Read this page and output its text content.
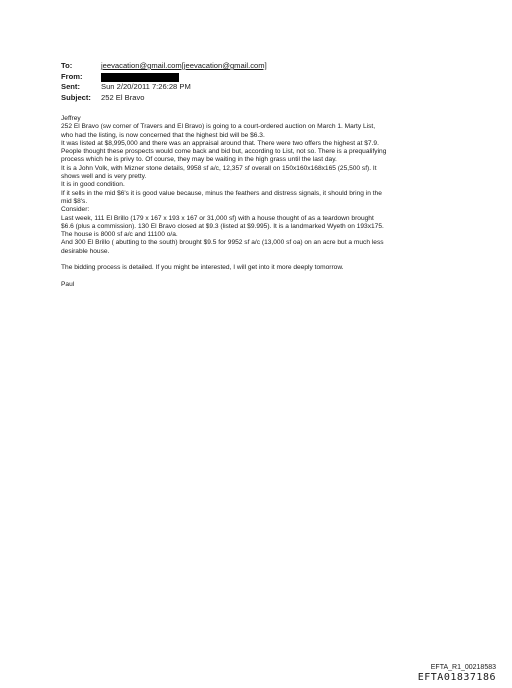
To:	jeevacation@gmail.com[jeevacation@gmail.com]
From:
Sent:	Sun 2/20/2011 7:26:28 PM
Subject:	252 El Bravo
Jeffrey
252 El Bravo (sw corner of Travers and El Bravo) is going to a court-ordered auction on March 1. Marty List,
who had the listing, is now concerned that the highest bid will be $6.3.
It was listed at $8,995,000 and there was an appraisal around that. There were two offers the highest at $7.9.
People thought these prospects would come back and bid but, according to List, not so. There is a prequalifying
process which he is privy to. Of course, they may be waiting in the high grass until the last day.
It is a John Volk, with Mizner stone details, 9958 sf a/c, 12,357 sf overall on 150x160x168x165 (25,500 sf). It
shows well and is very pretty.
It is in good condition.
If it sells in the mid $6's it is good value because, minus the feathers and distress signals, it should bring in the
mid $8's.
Consider:
Last week, 111 El Brillo (179 x 167 x 193 x 167 or 31,000 sf) with a house thought of as a teardown brought
$6.6 (plus a commission). 130 El Bravo closed at $9.3 (listed at $9.995). It is a landmarked Wyeth on 193x175.
The house is 8000 sf a/c and 11100 o/a.
And 300 El Brillo ( abutting to the south) brought $9.5 for 9952 sf a/c (13,000 sf oa) on an acre but a much less
desirable house.
The bidding process is detailed. If you might be interested, I will get into it more deeply tomorrow.
Paul
EFTA_R1_00218583
EFTA01837186
